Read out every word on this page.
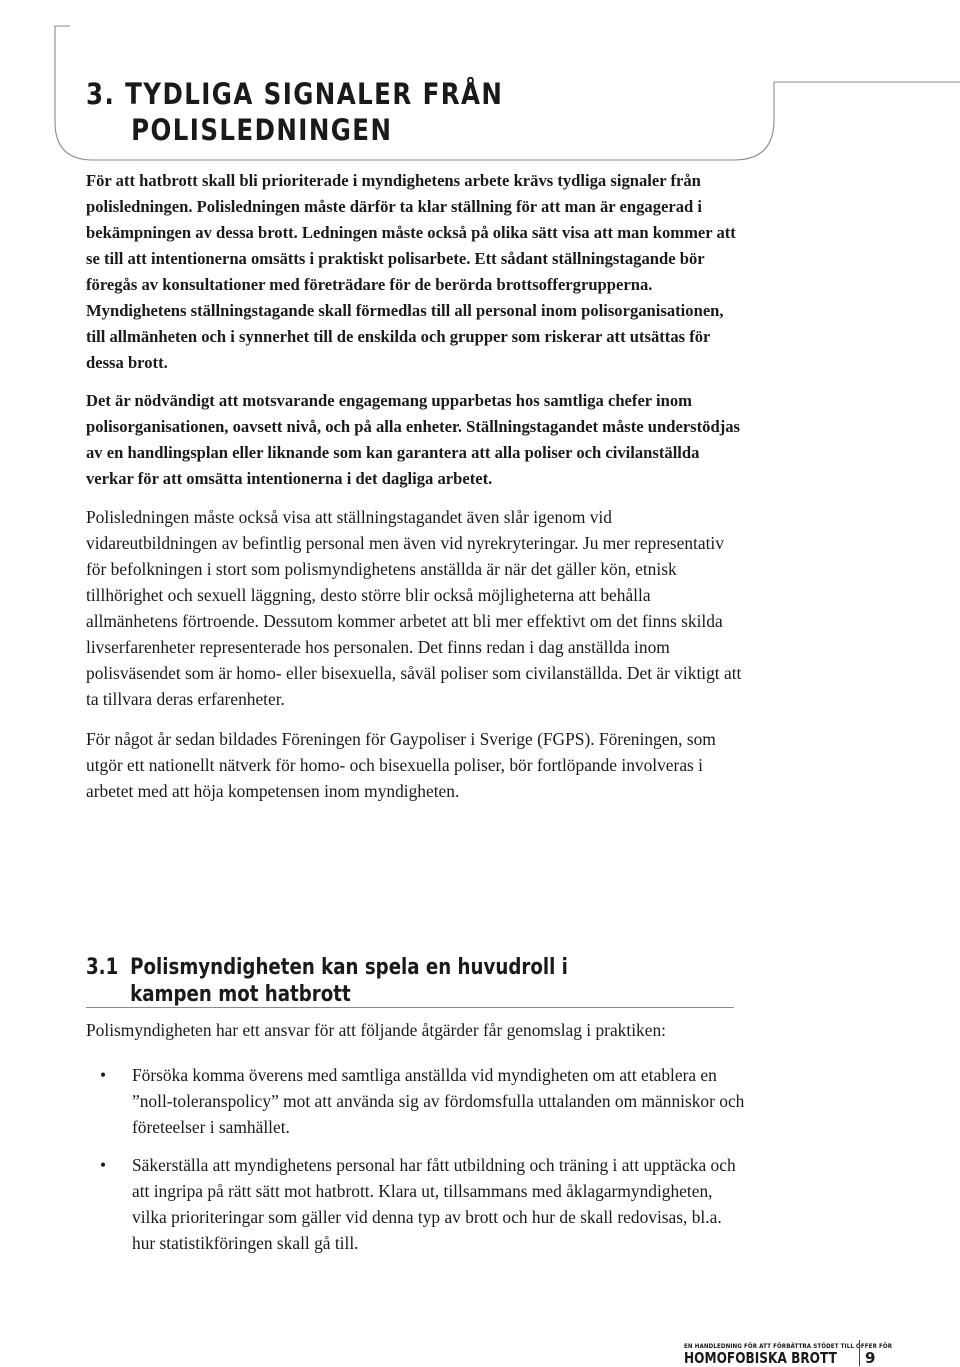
3. TYDLIGA SIGNALER FRÅN
POLISLEDNINGEN

För att hatbrott skall bli prioriterade i myndighetens arbete krävs tydliga signaler från polisledningen. Polisledningen måste därför ta klar ställning för att man är engagerad i bekämpningen av dessa brott. Ledningen måste också på olika sätt visa att man kommer att se till att intentionerna omsätts i praktiskt polisarbete. Ett sådant ställningstagande bör föregås av konsultationer med företrädare för de berörda brottsoffergrupperna. Myndighetens ställningstagande skall förmedlas till all personal inom polisorganisationen, till allmänheten och i synnerhet till de enskilda och grupper som riskerar att utsättas för dessa brott.

Det är nödvändigt att motsvarande engagemang upparbetas hos samtliga chefer inom polisorganisationen, oavsett nivå, och på alla enheter. Ställningstagandet måste understödjas av en handlingsplan eller liknande som kan garantera att alla poliser och civilanställda verkar för att omsätta intentionerna i det dagliga arbetet.

Polisledningen måste också visa att ställningstagandet även slår igenom vid vidareutbildningen av befintlig personal men även vid nyrekryteringar. Ju mer representativ för befolkningen i stort som polismyndighetens anställda är när det gäller kön, etnisk tillhörighet och sexuell läggning, desto större blir också möjligheterna att behålla allmänhetens förtroende. Dessutom kommer arbetet att bli mer effektivt om det finns skilda livserfarenheter representerade hos personalen. Det finns redan i dag anställda inom polisväsendet som är homo- eller bisexuella, såväl poliser som civilanställda. Det är viktigt att ta tillvara deras erfarenheter.

För något år sedan bildades Föreningen för Gaypoliser i Sverige (FGPS). Föreningen, som utgör ett nationellt nätverk för homo- och bisexuella poliser, bör fortlöpande involveras i arbetet med att höja kompetensen inom myndigheten.

3.1 Polismyndigheten kan spela en huvudroll i
kampen mot hatbrott

Polismyndigheten har ett ansvar för att följande åtgärder får genomslag i praktiken:

• Försöka komma överens med samtliga anställda vid myndigheten om att etablera en ”noll-toleranspolicy” mot att använda sig av fördomsfulla uttalanden om människor och företeelser i samhället.
• Säkerställa att myndighetens personal har fått utbildning och träning i att upptäcka och att ingripa på rätt sätt mot hatbrott. Klara ut, tillsammans med åklagarmyndigheten, vilka prioriteringar som gäller vid denna typ av brott och hur de skall redovisas, bl.a. hur statistikföringen skall gå till.

EN HANDLEDNING FÖR ATT FÖRBÄTTRA STÖDET TILL OFFER FÖR

HOMOFOBISKA BROTT 9
